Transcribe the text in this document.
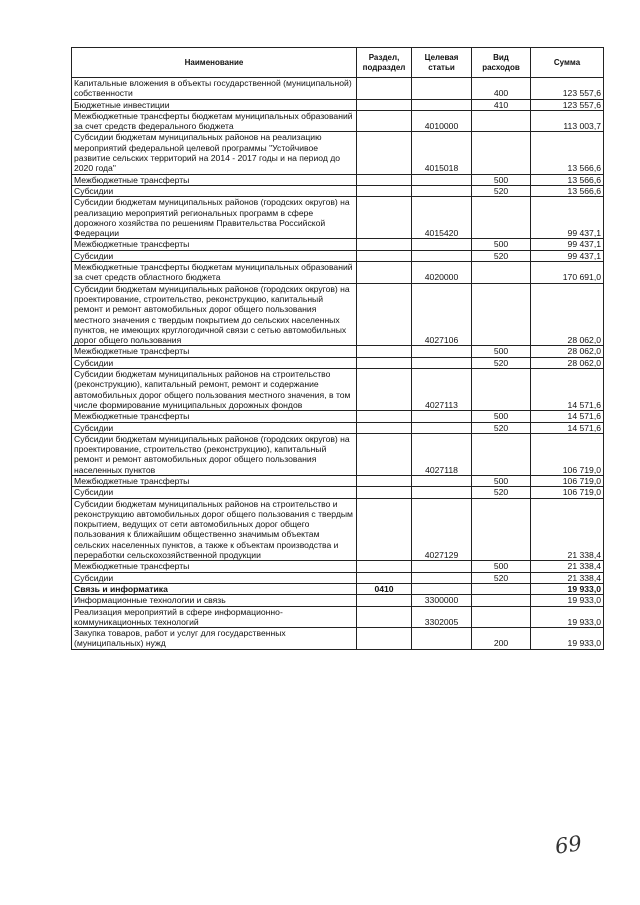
Наименование	Раздел, подраздел	Целевая статьи	Вид расходов	Сумма
Капитальные вложения в объекты государственной (муниципальной) собственности			400	123 557,6
Бюджетные инвестиции			410	123 557,6
Межбюджетные трансферты бюджетам муниципальных образований за счет средств федерального бюджета		4010000		113 003,7
Субсидии бюджетам муниципальных районов на реализацию мероприятий федеральной целевой программы "Устойчивое развитие сельских территорий на 2014 - 2017 годы и на период до 2020 года"		4015018		13 566,6
Межбюджетные трансферты			500	13 566,6
Субсидии			520	13 566,6
Субсидии бюджетам муниципальных районов (городских округов) на реализацию мероприятий региональных программ в сфере дорожного хозяйства по решениям Правительства Российской Федерации		4015420		99 437,1
Межбюджетные трансферты			500	99 437,1
Субсидии			520	99 437,1
Межбюджетные трансферты бюджетам муниципальных образований за счет средств областного бюджета		4020000		170 691,0
Субсидии бюджетам муниципальных районов (городских округов) на проектирование, строительство, реконструкцию, капитальный ремонт и ремонт автомобильных дорог общего пользования местного значения с твердым покрытием до сельских населенных пунктов, не имеющих круглогодичной связи с сетью автомобильных дорог общего пользования		4027106		28 062,0
Межбюджетные трансферты			500	28 062,0
Субсидии			520	28 062,0
Субсидии бюджетам муниципальных районов на строительство (реконструкцию), капитальный ремонт, ремонт и содержание автомобильных дорог общего пользования местного значения, в том числе формирование муниципальных дорожных фондов		4027113		14 571,6
Межбюджетные трансферты			500	14 571,6
Субсидии			520	14 571,6
Субсидии бюджетам муниципальных районов (городских округов) на проектирование, строительство (реконструкцию), капитальный ремонт и ремонт автомобильных дорог общего пользования населенных пунктов		4027118		106 719,0
Межбюджетные трансферты			500	106 719,0
Субсидии			520	106 719,0
Субсидии бюджетам муниципальных районов на строительство и реконструкцию автомобильных дорог общего пользования с твердым покрытием, ведущих от сети автомобильных дорог общего пользования к ближайшим общественно значимым объектам сельских населенных пунктов, а также к объектам производства и переработки сельскохозяйственной продукции		4027129		21 338,4
Межбюджетные трансферты			500	21 338,4
Субсидии			520	21 338,4
Связь и информатика	0410			19 933,0
Информационные технологии и связь		3300000		19 933,0
Реализация мероприятий в сфере информационно-коммуникационных технологий		3302005		19 933,0
Закупка товаров, работ и услуг для государственных (муниципальных) нужд			200	19 933,0
69
